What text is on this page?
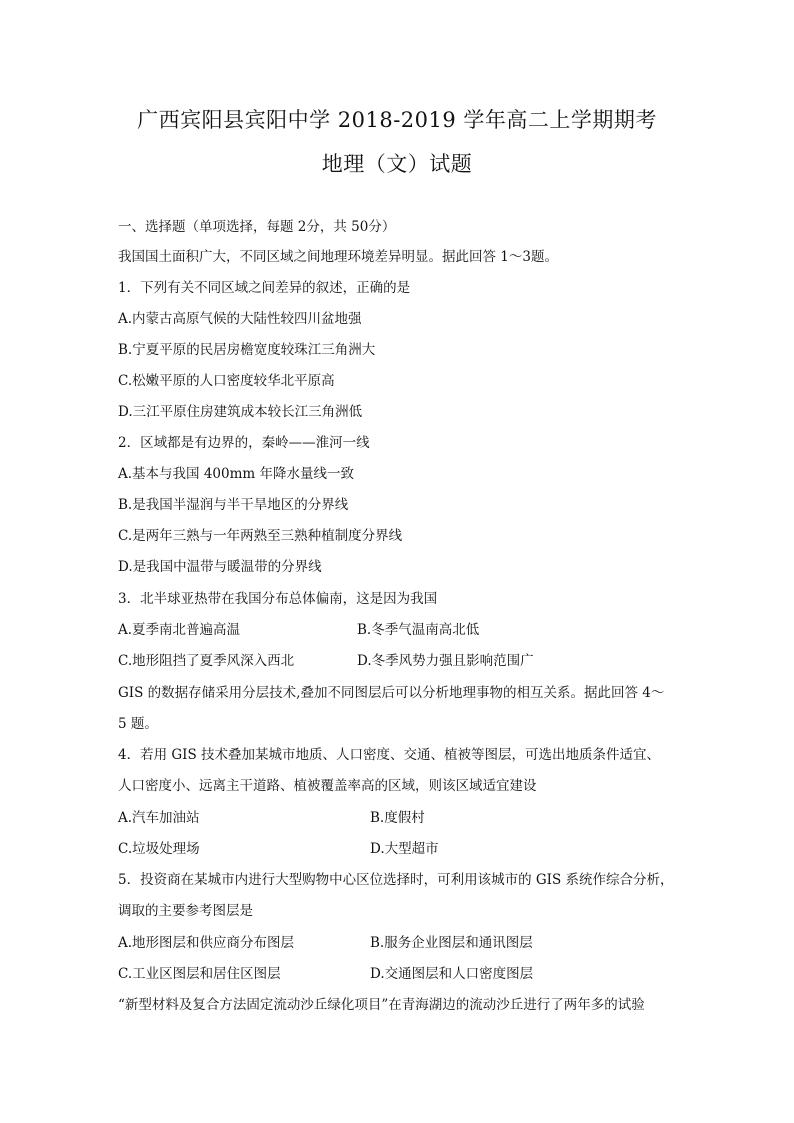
广西宾阳县宾阳中学 2018-2019 学年高二上学期期考
地理（文）试题
一、选择题（单项选择，每题 2分，共 50分）
我国国土面积广大，不同区域之间地理环境差异明显。据此回答 1～3题。
1．下列有关不同区域之间差异的叙述，正确的是
A.内蒙古高原气候的大陆性较四川盆地强
B.宁夏平原的民居房檐宽度较珠江三角洲大
C.松嫩平原的人口密度较华北平原高
D.三江平原住房建筑成本较长江三角洲低
2．区域都是有边界的，秦岭——淮河一线
A.基本与我国 400mm 年降水量线一致
B.是我国半湿润与半干旱地区的分界线
C.是两年三熟与一年两熟至三熟种植制度分界线
D.是我国中温带与暖温带的分界线
3．北半球亚热带在我国分布总体偏南，这是因为我国
A.夏季南北普遍高温	B.冬季气温南高北低
C.地形阻挡了夏季风深入西北	D.冬季风势力强且影响范围广
GIS 的数据存储采用分层技术,叠加不同图层后可以分析地理事物的相互关系。据此回答 4～
5 题。
4．若用 GIS 技术叠加某城市地质、人口密度、交通、植被等图层，可选出地质条件适宜、
人口密度小、远离主干道路、植被覆盖率高的区域，则该区域适宜建设
A.汽车加油站	B.度假村
C.垃圾处理场	D.大型超市
5．投资商在某城市内进行大型购物中心区位选择时，可利用该城市的 GIS 系统作综合分析，
调取的主要参考图层是
A.地形图层和供应商分布图层	B.服务企业图层和通讯图层
C.工业区图层和居住区图层	D.交通图层和人口密度图层
“新型材料及复合方法固定流动沙丘绿化项目”在青海湖边的流动沙丘进行了两年多的试验
